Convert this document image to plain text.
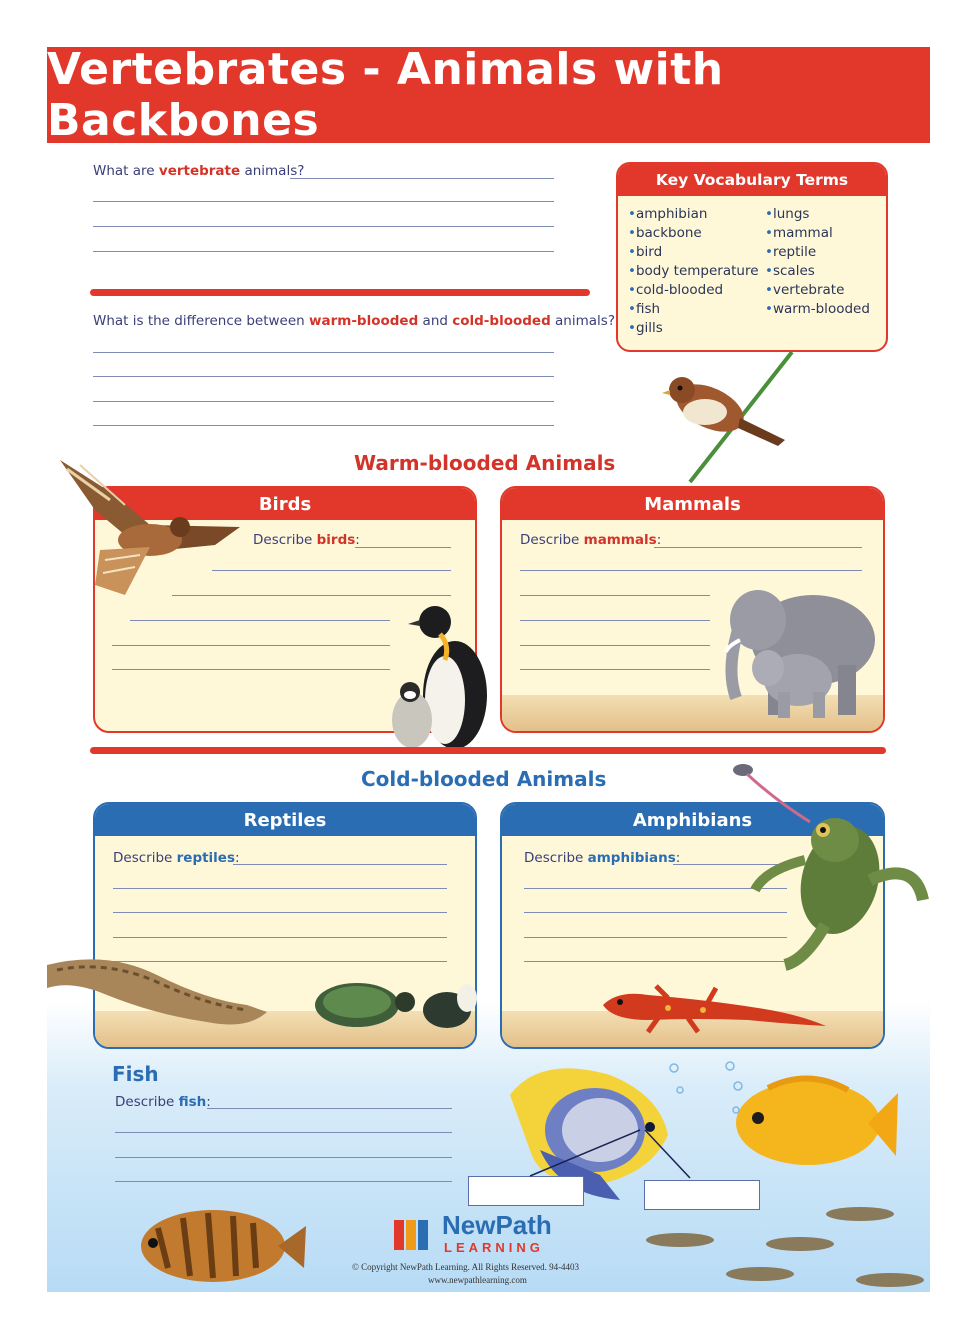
Vertebrates - Animals with Backbones
What are vertebrate animals?
What is the difference between warm-blooded and cold-blooded animals?
Key Vocabulary Terms
• amphibian
• backbone
• bird
• body temperature
• cold-blooded
• fish
• gills
• lungs
• mammal
• reptile
• scales
• vertebrate
• warm-blooded
Warm-blooded Animals
Birds
Describe birds:
Mammals
Describe mammals:
Cold-blooded Animals
Reptiles
Describe reptiles:
Amphibians
Describe amphibians:
Fish
Describe fish:
NewPath
LEARNING
© Copyright NewPath Learning. All Rights Reserved. 94-4403
www.newpathlearning.com
